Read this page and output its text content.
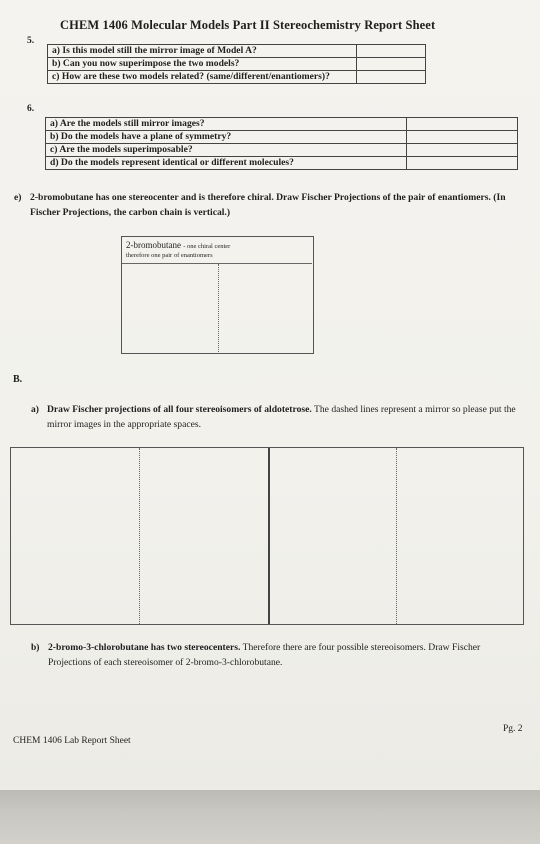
CHEM 1406 Molecular Models Part II Stereochemistry Report Sheet
5.
a) Is this model still the mirror image of Model A?	
b) Can you now superimpose the two models?	
c) How are these two models related? (same/different/enantiomers)?	
6.
a) Are the models still mirror images?	
b) Do the models have a plane of symmetry?	
c) Are the models superimposable?	
d) Do the models represent identical or different molecules?	
e) 2-bromobutane has one stereocenter and is therefore chiral. Draw Fischer Projections of the pair of enantiomers. (In Fischer Projections, the carbon chain is vertical.)
2-bromobutane - one chiral center
therefore one pair of enantiomers
B.
a) Draw Fischer projections of all four stereoisomers of aldotetrose. The dashed lines represent a mirror so please put the mirror images in the appropriate spaces.
b) 2-bromo-3-chlorobutane has two stereocenters. Therefore there are four possible stereoisomers. Draw Fischer Projections of each stereoisomer of 2-bromo-3-chlorobutane.
CHEM 1406 Lab Report Sheet
Pg. 2
